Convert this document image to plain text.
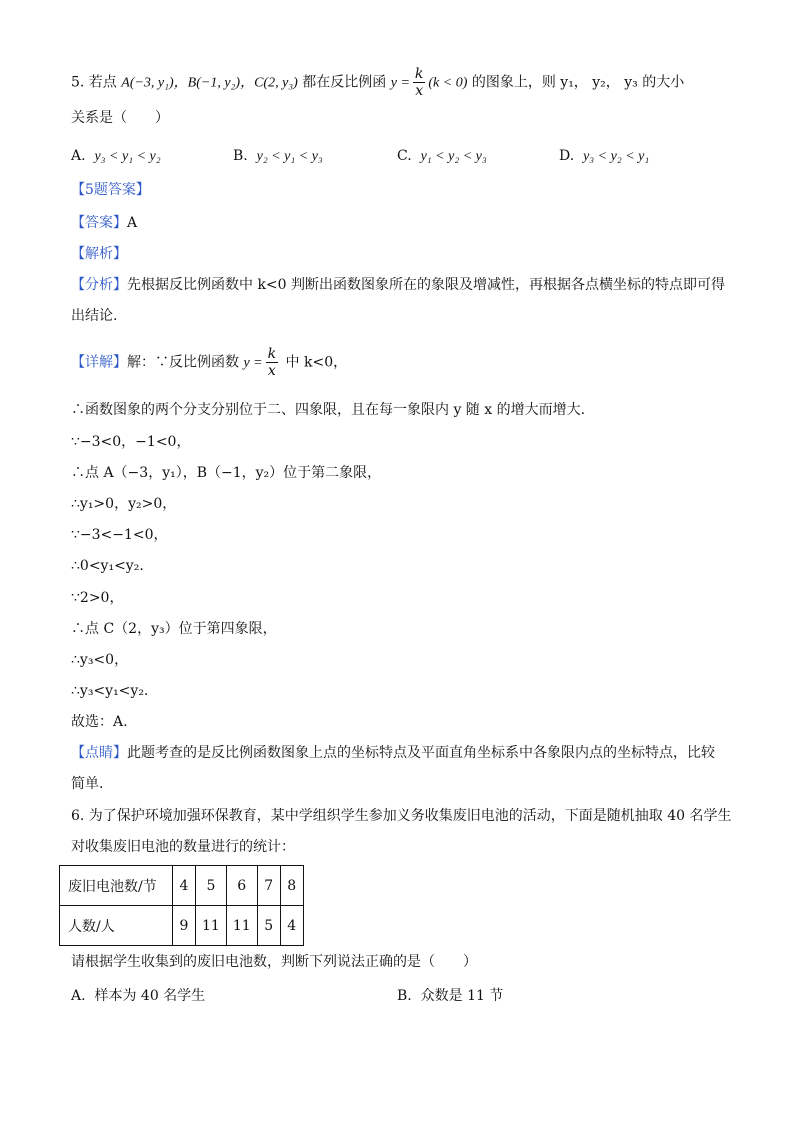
5. 若点 A(−3, y₁)，B(−1, y₂)，C(2, y₃) 都在反比例函 $y = \frac{k}{x} (k < 0)$ 的图象上，则 y₁， y₂， y₃ 的大小
关系是（　　）
A. y₃ < y₁ < y₂	B. y₂ < y₁ < y₃	C. y₁ < y₂ < y₃	D. y₃ < y₂ < y₁
【5题答案】
【答案】A
【解析】
【分析】先根据反比例函数中 k<0 判断出函数图象所在的象限及增减性，再根据各点横坐标的特点即可得
出结论.
【详解】解：∵反比例函数 $y = \frac{k}{x}$ 中 k<0，
∴函数图象的两个分支分别位于二、四象限，且在每一象限内 y 随 x 的增大而增大.
∵−3<0，−1<0，
∴点 A（−3，y₁），B（−1，y₂）位于第二象限，
∴y₁>0，y₂>0，
∵−3<−1<0，
∴0<y₁<y₂.
∵2>0，
∴点 C（2，y₃）位于第四象限，
∴y₃<0，
∴y₃<y₁<y₂.
故选：A.
【点睛】此题考查的是反比例函数图象上点的坐标特点及平面直角坐标系中各象限内点的坐标特点，比较
简单.
6. 为了保护环境加强环保教育，某中学组织学生参加义务收集废旧电池的活动，下面是随机抽取 40 名学生
对收集废旧电池的数量进行的统计：
废旧电池数/节	4	5	6	7	8
人数/人	9	11	11	5	4
请根据学生收集到的废旧电池数，判断下列说法正确的是（　　）
A. 样本为 40 名学生	B. 众数是 11 节
